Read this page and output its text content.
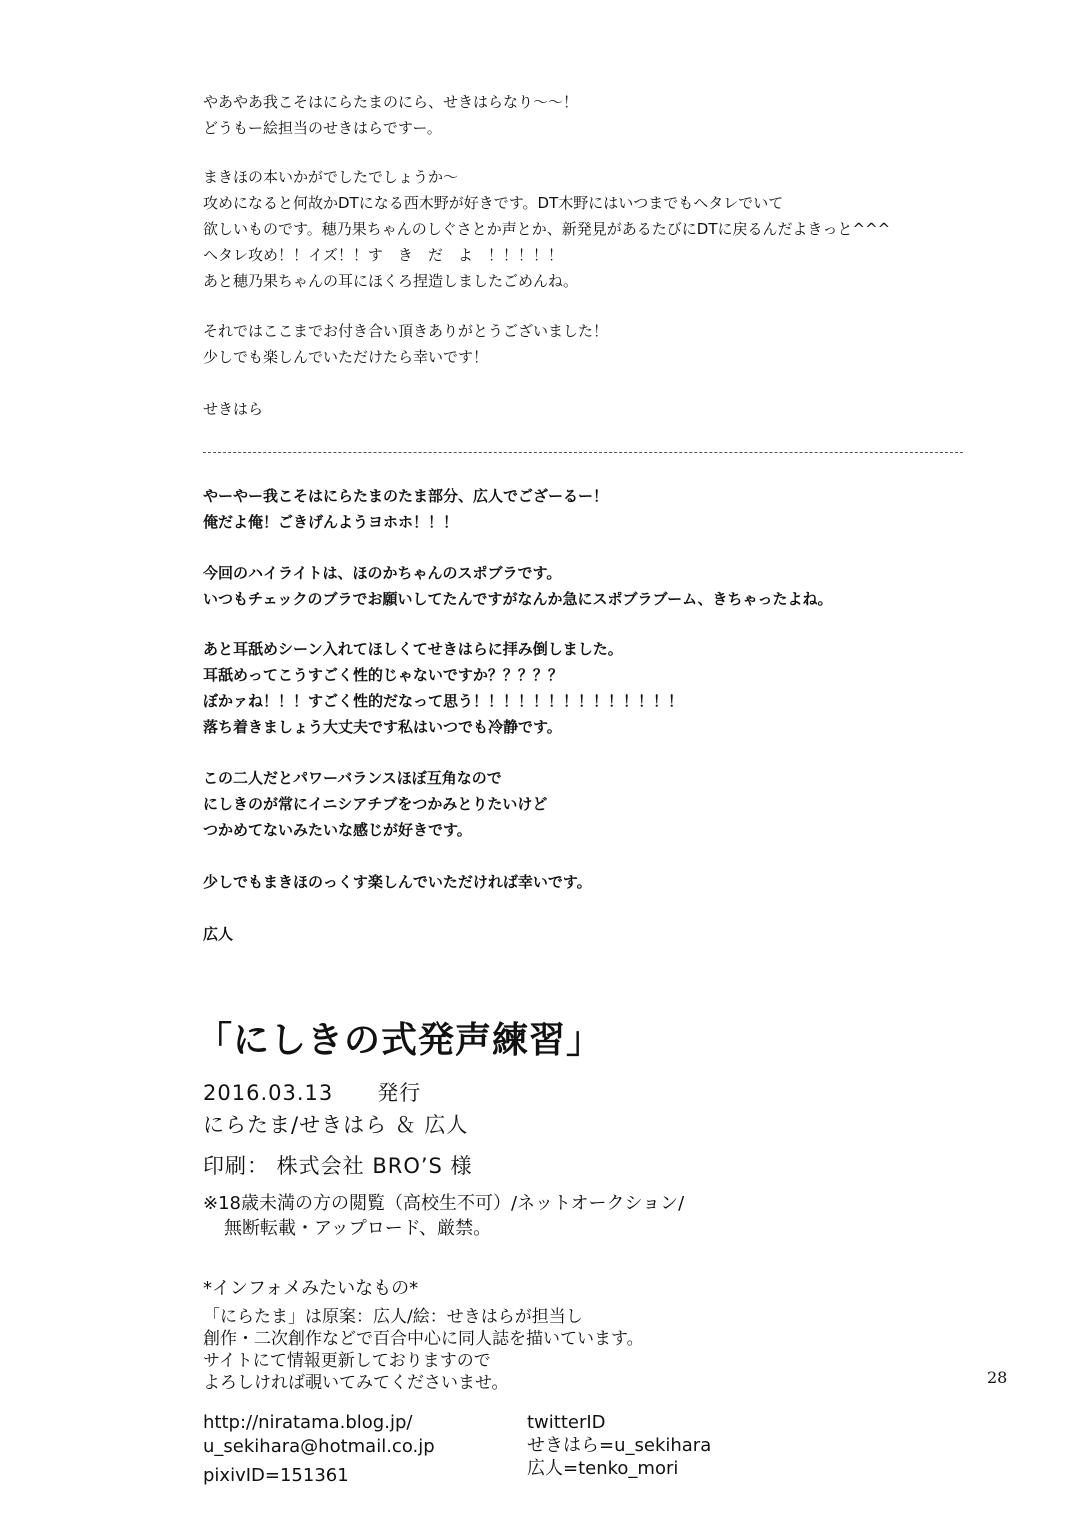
やあやあ我こそはにらたまのにら、せきはらなり～～！
どうもー絵担当のせきはらですー。
まきほの本いかがでしたでしょうか～
攻めになると何故かDTになる西木野が好きです。DT木野にはいつまでもヘタレでいて
欲しいものです。穂乃果ちゃんのしぐさとか声とか、新発見があるたびにDTに戻るんだよきっと^^^
ヘタレ攻め！！イズ！！す　き　だ　よ　！！！！！
あと穂乃果ちゃんの耳にほくろ捏造しましたごめんね。
それではここまでお付き合い頂きありがとうございました！
少しでも楽しんでいただけたら幸いです！
せきはら
やーやー我こそはにらたまのたま部分、広人でござーるー！
俺だよ俺！ごきげんようヨホホ！！！
今回のハイライトは、ほのかちゃんのスポブラです。
いつもチェックのブラでお願いしてたんですがなんか急にスポブラブーム、きちゃったよね。
あと耳舐めシーン入れてほしくてせきはらに拝み倒しました。
耳舐めってこうすごく性的じゃないですか？？？？？
ぼかァね！！！すごく性的だなって思う！！！！！！！！！！！！！！
落ち着きましょう大丈夫です私はいつでも冷静です。
この二人だとパワーバランスほぼ互角なので
にしきのが常にイニシアチブをつかみとりたいけど
つかめてないみたいな感じが好きです。
少しでもまきほのっくす楽しんでいただければ幸いです。
広人
「にしきの式発声練習」
2016.03.13　　発行
にらたま/せきはら ＆ 広人
印刷： 株式会社 BRO’S 様
※18歳未満の方の閲覧（高校生不可）/ネットオークション/
無断転載・アップロード、厳禁。
*インフォメみたいなもの*
「にらたま」は原案：広人/絵：せきはらが担当し
創作・二次創作などで百合中心に同人誌を描いています。
サイトにて情報更新しておりますので
よろしければ覗いてみてくださいませ。
http://niratama.blog.jp/
u_sekihara@hotmail.co.jp
pixivID=151361
twitterID
せきはら=u_sekihara
広人=tenko_mori
28
